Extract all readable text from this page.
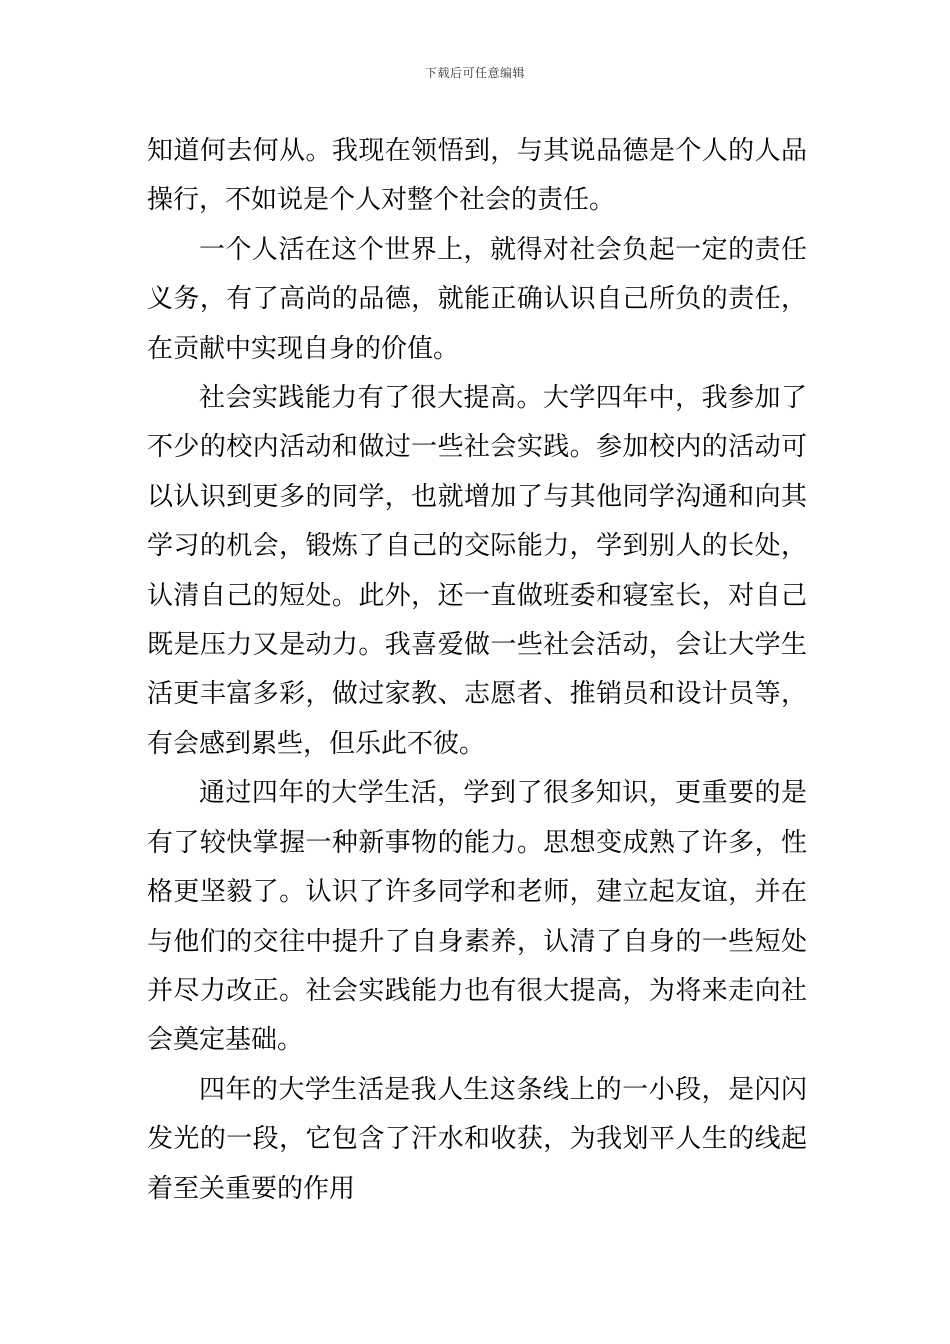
下载后可任意编辑

知道何去何从。我现在领悟到，与其说品德是个人的人品操行，不如说是个人对整个社会的责任。

一个人活在这个世界上，就得对社会负起一定的责任义务，有了高尚的品德，就能正确认识自己所负的责任，在贡献中实现自身的价值。

社会实践能力有了很大提高。大学四年中，我参加了不少的校内活动和做过一些社会实践。参加校内的活动可以认识到更多的同学，也就增加了与其他同学沟通和向其学习的机会，锻炼了自己的交际能力，学到别人的长处，认清自己的短处。此外，还一直做班委和寝室长，对自己既是压力又是动力。我喜爱做一些社会活动，会让大学生活更丰富多彩，做过家教、志愿者、推销员和设计员等，有会感到累些，但乐此不彼。

通过四年的大学生活，学到了很多知识，更重要的是有了较快掌握一种新事物的能力。思想变成熟了许多，性格更坚毅了。认识了许多同学和老师，建立起友谊，并在与他们的交往中提升了自身素养，认清了自身的一些短处并尽力改正。社会实践能力也有很大提高，为将来走向社会奠定基础。

四年的大学生活是我人生这条线上的一小段，是闪闪发光的一段，它包含了汗水和收获，为我划平人生的线起着至关重要的作用
